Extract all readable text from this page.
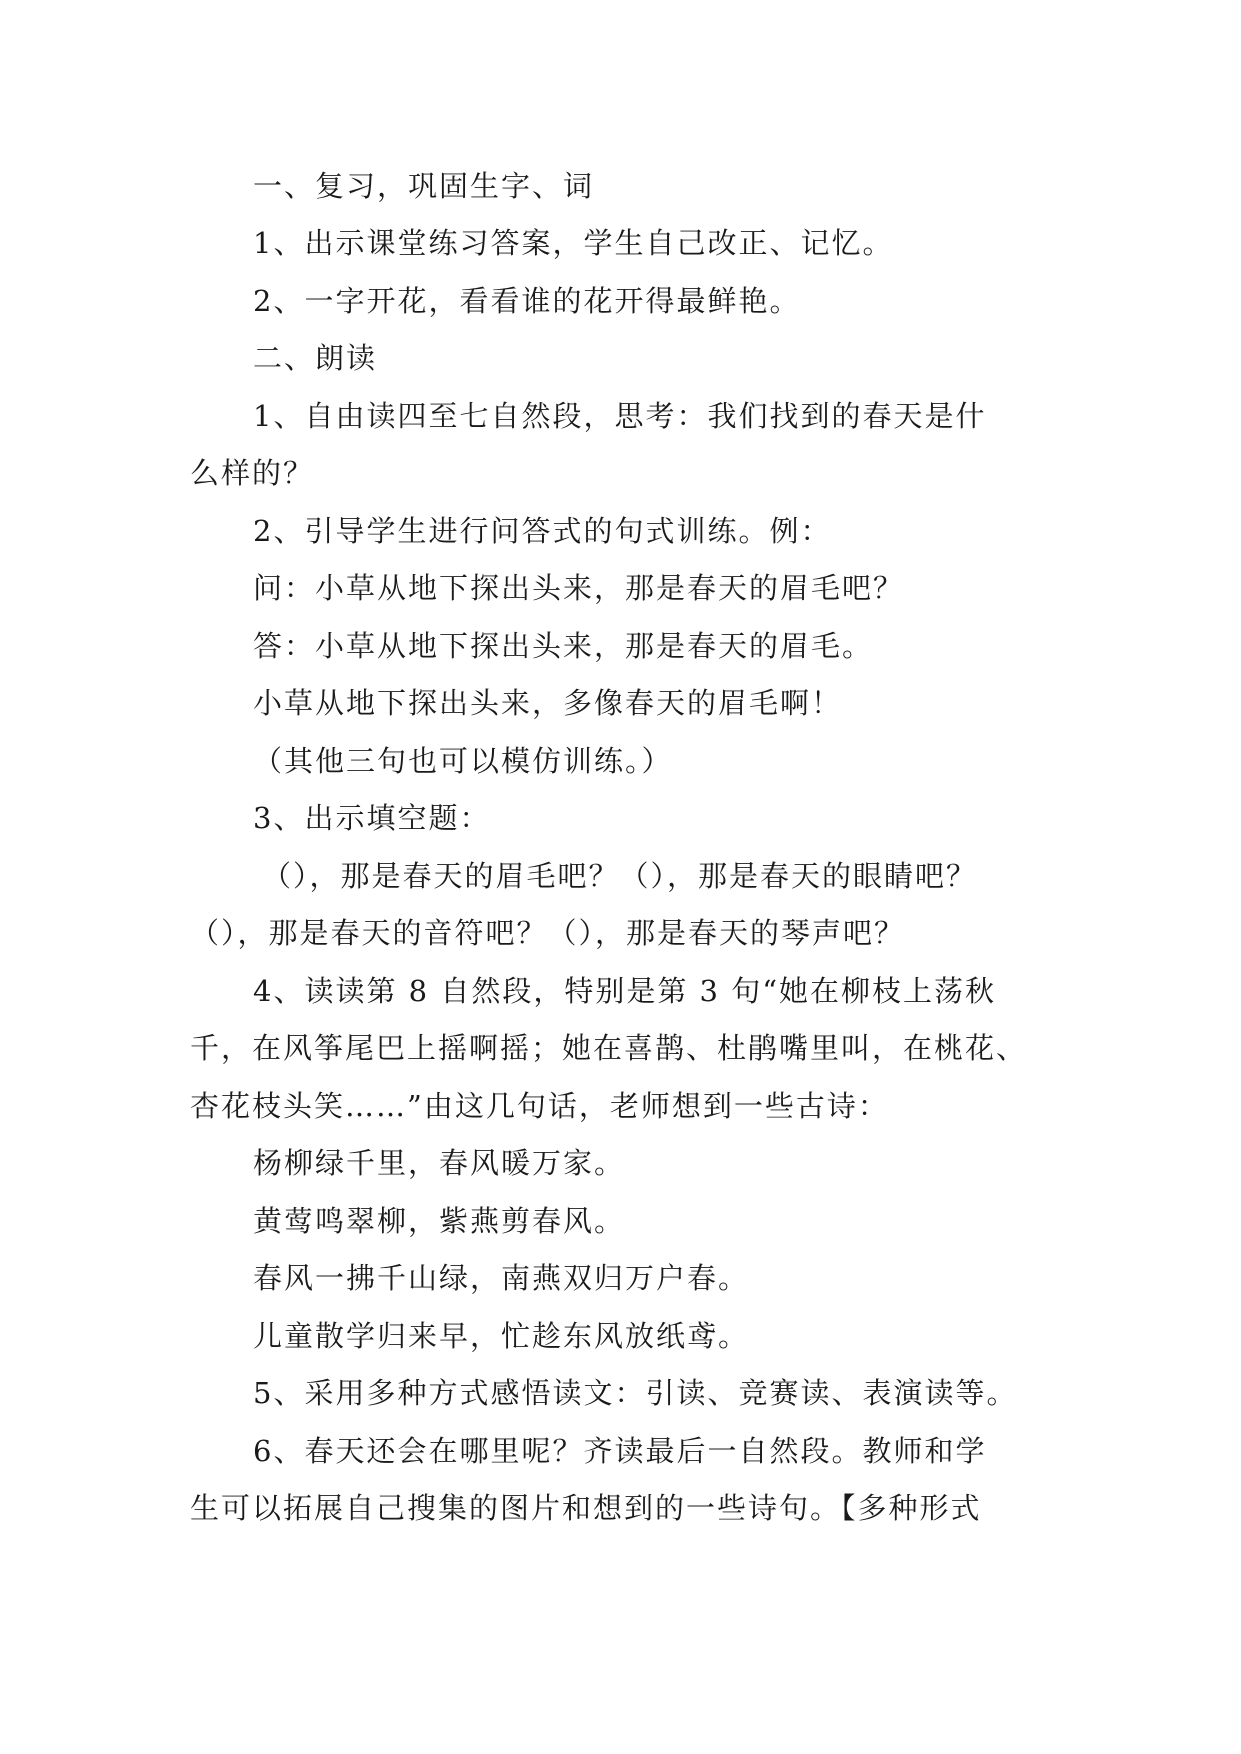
一、复习，巩固生字、词
1、出示课堂练习答案，学生自己改正、记忆。
2、一字开花，看看谁的花开得最鲜艳。
二、朗读
1、自由读四至七自然段，思考：我们找到的春天是什
么样的？
2、引导学生进行问答式的句式训练。例：
问：小草从地下探出头来，那是春天的眉毛吧？
答：小草从地下探出头来，那是春天的眉毛。
小草从地下探出头来，多像春天的眉毛啊！
（其他三句也可以模仿训练。）
3、出示填空题：
（），那是春天的眉毛吧？（），那是春天的眼睛吧？
（），那是春天的音符吧？（），那是春天的琴声吧？
4、读读第 8 自然段，特别是第 3 句“她在柳枝上荡秋
千，在风筝尾巴上摇啊摇；她在喜鹊、杜鹃嘴里叫，在桃花、
杏花枝头笑……”由这几句话，老师想到一些古诗：
杨柳绿千里，春风暖万家。
黄莺鸣翠柳，紫燕剪春风。
春风一拂千山绿，南燕双归万户春。
儿童散学归来早，忙趁东风放纸鸢。
5、采用多种方式感悟读文：引读、竞赛读、表演读等。
6、春天还会在哪里呢？齐读最后一自然段。教师和学
生可以拓展自己搜集的图片和想到的一些诗句。【多种形式
